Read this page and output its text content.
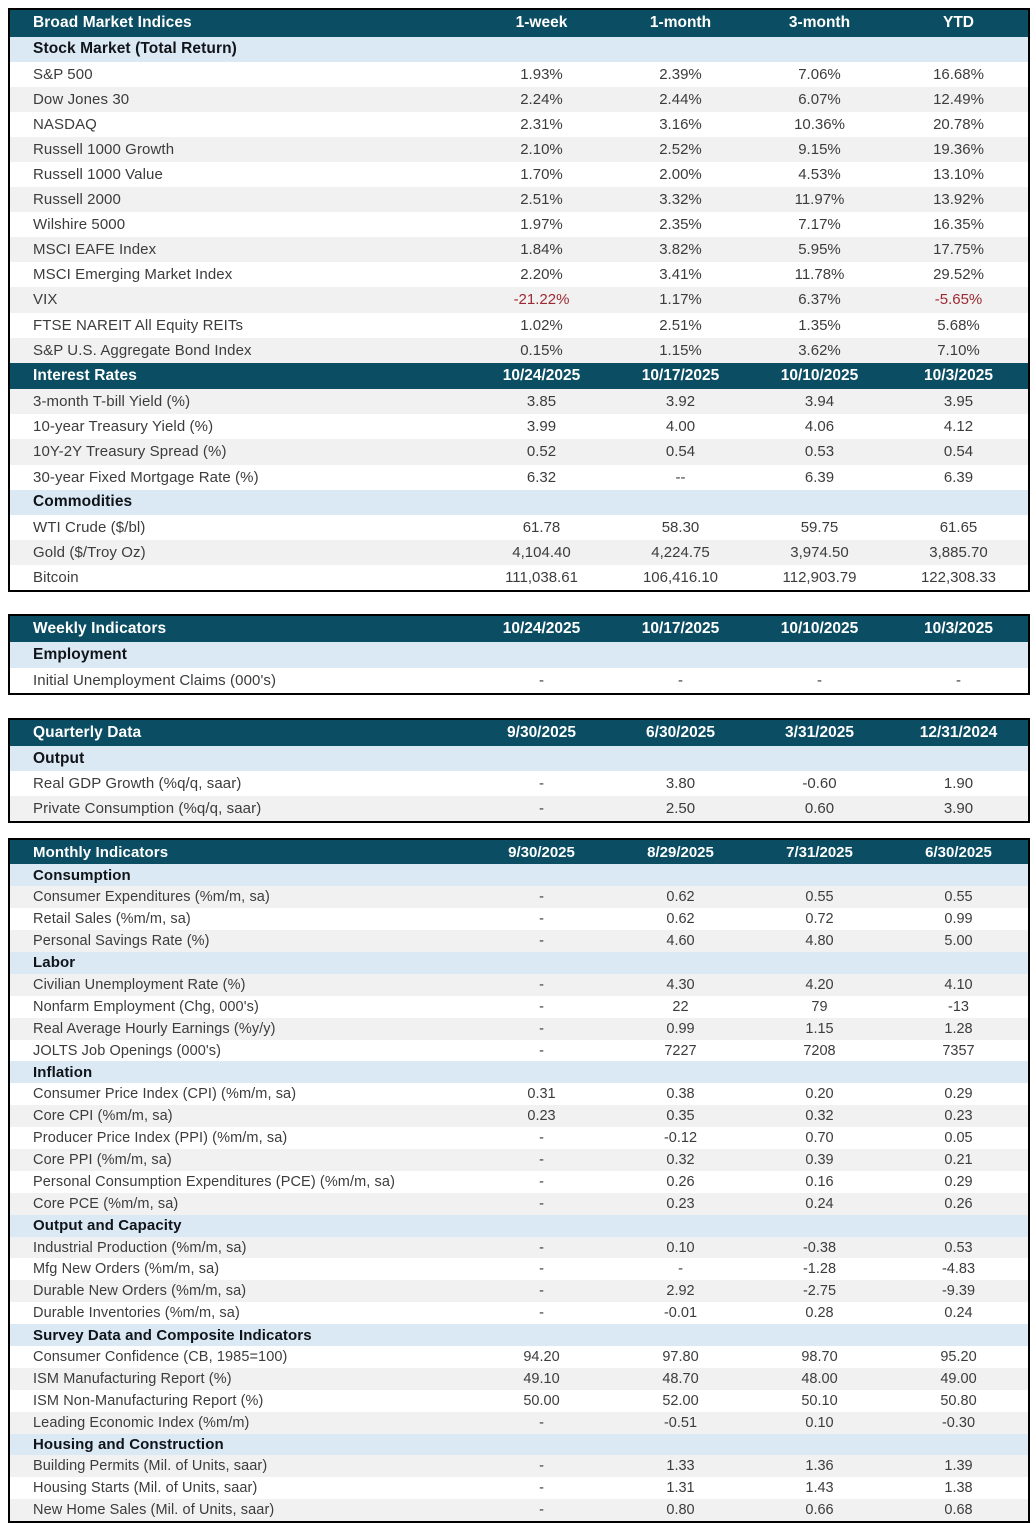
Broad Market Indices	1-week	1-month	3-month	YTD
Stock Market (Total Return)
S&P 500	1.93%	2.39%	7.06%	16.68%
Dow Jones 30	2.24%	2.44%	6.07%	12.49%
NASDAQ	2.31%	3.16%	10.36%	20.78%
Russell 1000 Growth	2.10%	2.52%	9.15%	19.36%
Russell 1000 Value	1.70%	2.00%	4.53%	13.10%
Russell 2000	2.51%	3.32%	11.97%	13.92%
Wilshire 5000	1.97%	2.35%	7.17%	16.35%
MSCI EAFE Index	1.84%	3.82%	5.95%	17.75%
MSCI Emerging Market Index	2.20%	3.41%	11.78%	29.52%
VIX	-21.22%	1.17%	6.37%	-5.65%
FTSE NAREIT All Equity REITs	1.02%	2.51%	1.35%	5.68%
S&P U.S. Aggregate Bond Index	0.15%	1.15%	3.62%	7.10%
Interest Rates	10/24/2025	10/17/2025	10/10/2025	10/3/2025
3-month T-bill Yield (%)	3.85	3.92	3.94	3.95
10-year Treasury Yield (%)	3.99	4.00	4.06	4.12
10Y-2Y Treasury Spread (%)	0.52	0.54	0.53	0.54
30-year Fixed Mortgage Rate (%)	6.32	--	6.39	6.39
Commodities
WTI Crude ($/bl)	61.78	58.30	59.75	61.65
Gold ($/Troy Oz)	4,104.40	4,224.75	3,974.50	3,885.70
Bitcoin	111,038.61	106,416.10	112,903.79	122,308.33
Weekly Indicators	10/24/2025	10/17/2025	10/10/2025	10/3/2025
Employment
Initial Unemployment Claims (000's)	-	-	-	-
Quarterly Data	9/30/2025	6/30/2025	3/31/2025	12/31/2024
Output
Real GDP Growth (%q/q, saar)	-	3.80	-0.60	1.90
Private Consumption (%q/q, saar)	-	2.50	0.60	3.90
Monthly Indicators	9/30/2025	8/29/2025	7/31/2025	6/30/2025
Consumption
Consumer Expenditures (%m/m, sa)	-	0.62	0.55	0.55
Retail Sales (%m/m, sa)	-	0.62	0.72	0.99
Personal Savings Rate (%)	-	4.60	4.80	5.00
Labor
Civilian Unemployment Rate (%)	-	4.30	4.20	4.10
Nonfarm Employment (Chg, 000's)	-	22	79	-13
Real Average Hourly Earnings (%y/y)	-	0.99	1.15	1.28
JOLTS Job Openings (000's)	-	7227	7208	7357
Inflation
Consumer Price Index (CPI) (%m/m, sa)	0.31	0.38	0.20	0.29
Core CPI (%m/m, sa)	0.23	0.35	0.32	0.23
Producer Price Index (PPI) (%m/m, sa)	-	-0.12	0.70	0.05
Core PPI (%m/m, sa)	-	0.32	0.39	0.21
Personal Consumption Expenditures (PCE) (%m/m, sa)	-	0.26	0.16	0.29
Core PCE (%m/m, sa)	-	0.23	0.24	0.26
Output and Capacity
Industrial Production (%m/m, sa)	-	0.10	-0.38	0.53
Mfg New Orders (%m/m, sa)	-	-	-1.28	-4.83
Durable New Orders (%m/m, sa)	-	2.92	-2.75	-9.39
Durable Inventories (%m/m, sa)	-	-0.01	0.28	0.24
Survey Data and Composite Indicators
Consumer Confidence (CB, 1985=100)	94.20	97.80	98.70	95.20
ISM Manufacturing Report (%)	49.10	48.70	48.00	49.00
ISM Non-Manufacturing Report (%)	50.00	52.00	50.10	50.80
Leading Economic Index (%m/m)	-	-0.51	0.10	-0.30
Housing and Construction
Building Permits (Mil. of Units, saar)	-	1.33	1.36	1.39
Housing Starts (Mil. of Units, saar)	-	1.31	1.43	1.38
New Home Sales (Mil. of Units, saar)	-	0.80	0.66	0.68
